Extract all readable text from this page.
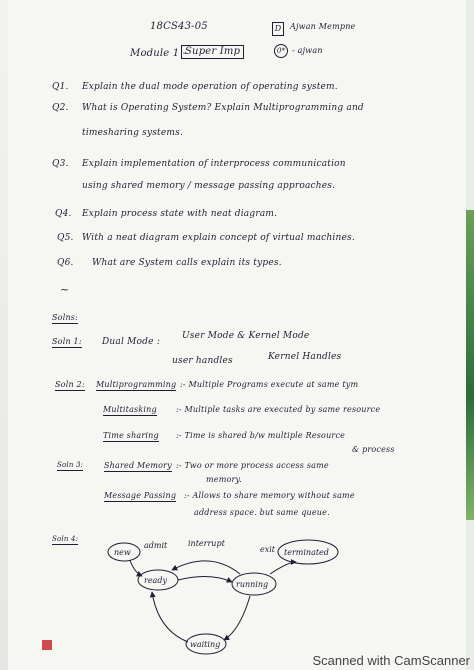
18CS43-05	D	Ajwan Mempne
Module 1 -
Super Imp	0* - ajwan
Q1. Explain the dual mode operation of operating system.
Q2. What is Operating System? Explain Multiprogramming and
timesharing systems.
Q3. Explain implementation of interprocess communication
using shared memory / message passing approaches.
Q4. Explain process state with neat diagram.
Q5. With a neat diagram explain concept of virtual machines.
Q6. What are System calls explain its types.
~
Solns:
Soln 1: Dual Mode :
User Mode & Kernel Mode
user handles	Kernel Handles
Soln 2: Multiprogramming :- Multiple Programs execute at same tym
Multitasking :- Multiple tasks are executed by same resource
Time sharing :- Time is shared b/w multiple Resource
& process
Soln 3:	Shared Memory :- Two or more process access same
memory.
Message Passing :- Allows to share memory without same
address space. but same queue.
Soln 4:
new
ready	running
waiting
terminated
admit	interrupt
exit
Scanned with CamScanner
